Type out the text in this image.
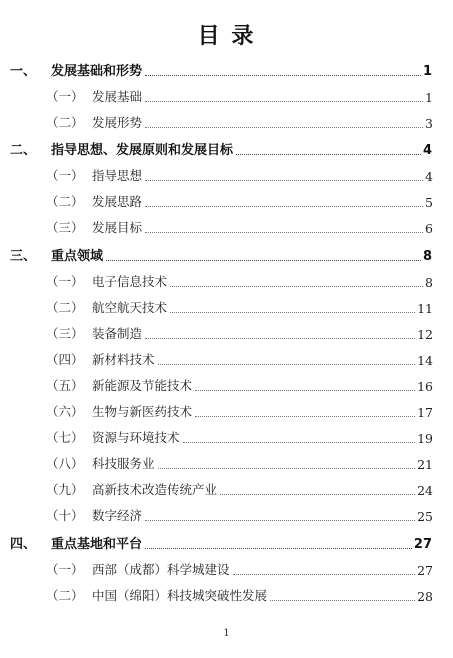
目 录
一、	发展基础和形势	1
（一） 发展基础	1
（二） 发展形势	3
二、	指导思想、发展原则和发展目标	4
（一） 指导思想	4
（二） 发展思路	5
（三） 发展目标	6
三、	重点领域	8
（一） 电子信息技术	8
（二） 航空航天技术	11
（三） 装备制造	12
（四） 新材料技术	14
（五） 新能源及节能技术	16
（六） 生物与新医药技术	17
（七） 资源与环境技术	19
（八） 科技服务业	21
（九） 高新技术改造传统产业	24
（十） 数字经济	25
四、	重点基地和平台	27
（一） 西部（成都）科学城建设	27
（二） 中国（绵阳）科技城突破性发展	28
1
